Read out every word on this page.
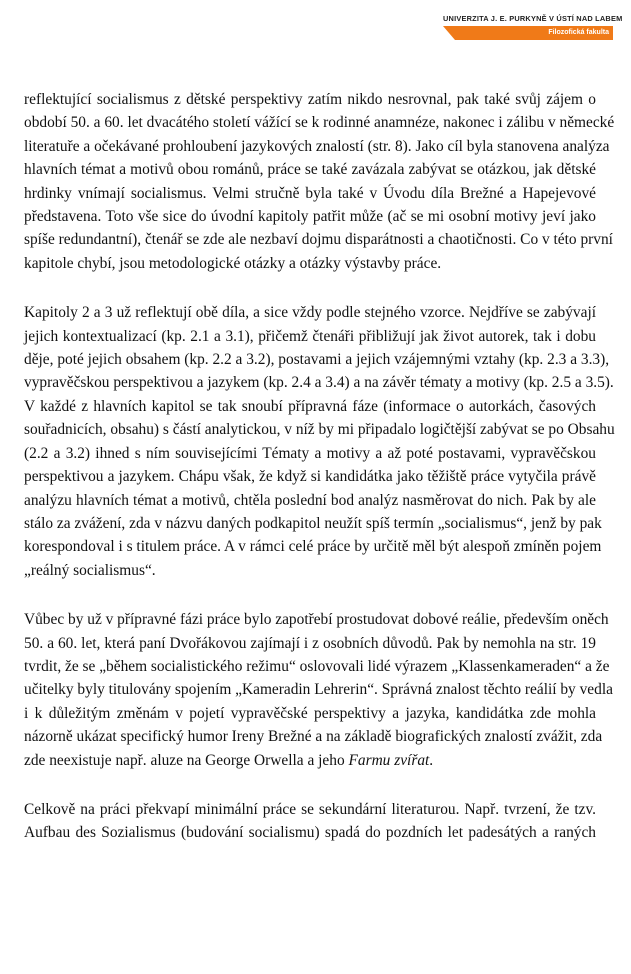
UNIVERZITA J. E. PURKYNĚ V ÚSTÍ NAD LABEM
Filozofická fakulta

reflektující socialismus z dětské perspektivy zatím nikdo nesrovnal, pak také svůj zájem o
období 50. a 60. let dvacátého století vážící se k rodinné anamnéze, nakonec i zálibu v německé
literatuře a očekávané prohloubení jazykových znalostí (str. 8). Jako cíl byla stanovena analýza
hlavních témat a motivů obou románů, práce se také zavázala zabývat se otázkou, jak dětské
hrdinky vnímají socialismus. Velmi stručně byla také v Úvodu díla Brežné a Hapejevové
představena. Toto vše sice do úvodní kapitoly patřit může (ač se mi osobní motivy jeví jako
spíše redundantní), čtenář se zde ale nezbaví dojmu disparátnosti a chaotičnosti. Co v této první
kapitole chybí, jsou metodologické otázky a otázky výstavby práce.

Kapitoly 2 a 3 už reflektují obě díla, a sice vždy podle stejného vzorce. Nejdříve se zabývají
jejich kontextualizací (kp. 2.1 a 3.1), přičemž čtenáři přibližují jak život autorek, tak i dobu
děje, poté jejich obsahem (kp. 2.2 a 3.2), postavami a jejich vzájemnými vztahy (kp. 2.3 a 3.3),
vypravěčskou perspektivou a jazykem (kp. 2.4 a 3.4) a na závěr tématy a motivy (kp. 2.5 a 3.5).
V každé z hlavních kapitol se tak snoubí přípravná fáze (informace o autorkách, časových
souřadnicích, obsahu) s částí analytickou, v níž by mi připadalo logičtější zabývat se po Obsahu
(2.2 a 3.2) ihned s ním souvisejícími Tématy a motivy a až poté postavami, vypravěčskou
perspektivou a jazykem. Chápu však, že když si kandidátka jako těžiště práce vytyčila právě
analýzu hlavních témat a motivů, chtěla poslední bod analýz nasměrovat do nich. Pak by ale
stálo za zvážení, zda v názvu daných podkapitol neužít spíš termín „socialismus“, jenž by pak
korespondoval i s titulem práce. A v rámci celé práce by určitě měl být alespoň zmíněn pojem
„reálný socialismus“.

Vůbec by už v přípravné fázi práce bylo zapotřebí prostudovat dobové reálie, především oněch
50. a 60. let, která paní Dvořákovou zajímají i z osobních důvodů. Pak by nemohla na str. 19
tvrdit, že se „během socialistického režimu“ oslovovali lidé výrazem „Klassenkameraden“ a že
učitelky byly titulovány spojením „Kameradin Lehrerin“. Správná znalost těchto reálií by vedla
i k důležitým změnám v pojetí vypravěčské perspektivy a jazyka, kandidátka zde mohla
názorně ukázat specifický humor Ireny Brežné a na základě biografických znalostí zvážit, zda
zde neexistuje např. aluze na George Orwella a jeho Farmu zvířat.

Celkově na práci překvapí minimální práce se sekundární literaturou. Např. tvrzení, že tzv.
Aufbau des Sozialismus (budování socialismu) spadá do pozdních let padesátých a raných
